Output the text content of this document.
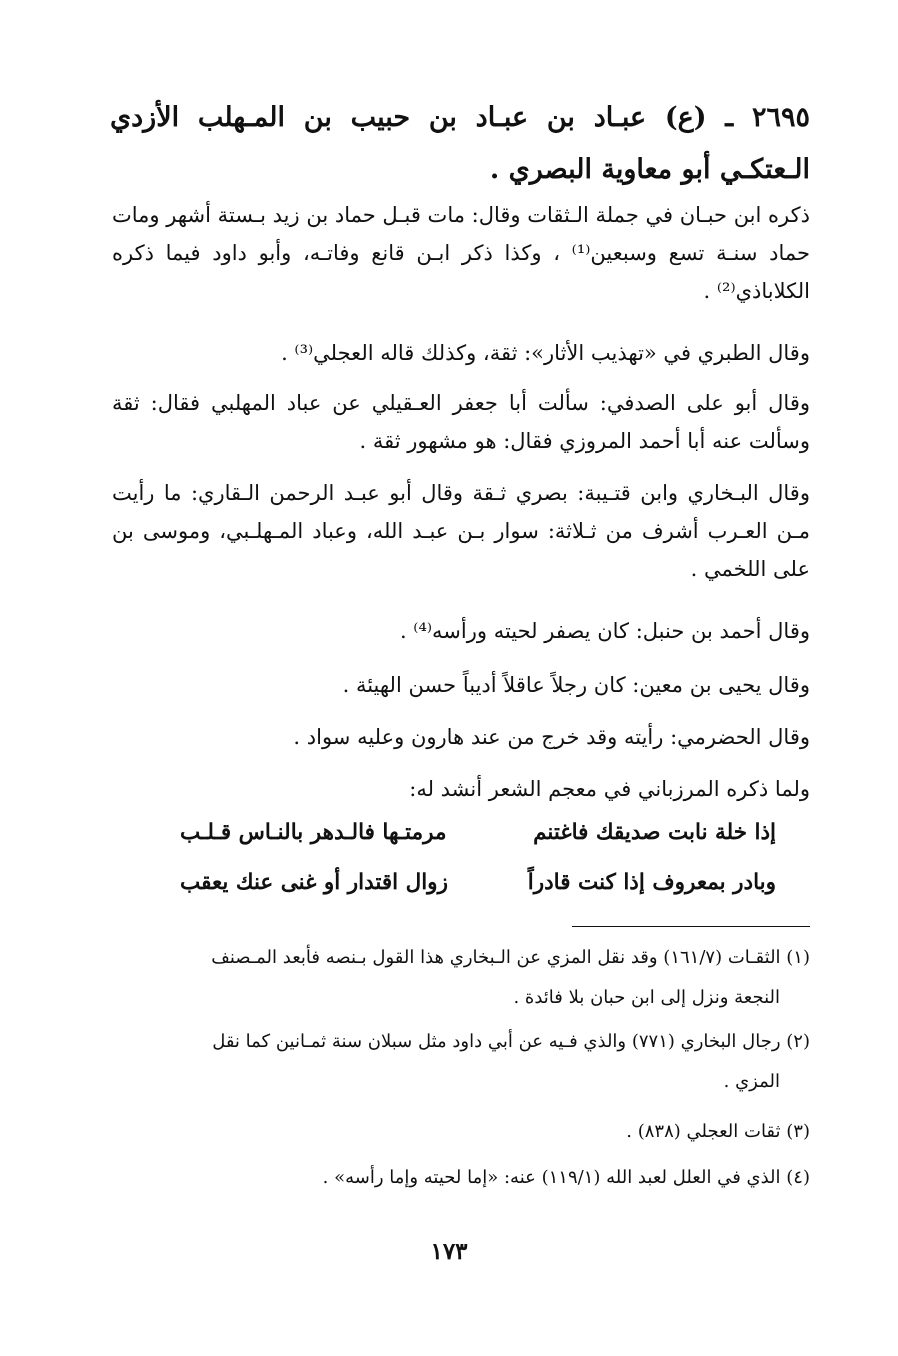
٢٦٩٥ ـ (ع) عبـاد بن عبـاد بن حبيب بن المـهلب الأزدي الـعتكـي أبو معاوية البصري .
ذكره ابن حبـان في جملة الـثقات وقال: مات قبـل حماد بن زيد بـستة أشهر ومات حماد سنـة تسع وسبعين⁽¹⁾ ، وكذا ذكر ابـن قانع وفاتـه، وأبو داود فيما ذكره الكلاباذي⁽²⁾ .
وقال الطبري في «تهذيب الأثار»: ثقة، وكذلك قاله العجلي⁽³⁾ .
وقال أبو على الصدفي: سألت أبا جعفر العـقيلي عن عباد المهلبي فقال: ثقة وسألت عنه أبا أحمد المروزي فقال: هو مشهور ثقة .
وقال البـخاري وابن قتـيبة: بصري ثـقة وقال أبو عبـد الرحمن الـقاري: ما رأيت مـن العـرب أشرف من ثـلاثة: سوار بـن عبـد الله، وعباد المـهلـبي، وموسى بن على اللخمي .
وقال أحمد بن حنبل: كان يصفر لحيته ورأسه⁽⁴⁾ .
وقال يحيى بن معين: كان رجلاً عاقلاً أديباً حسن الهيئة .
وقال الحضرمي: رأيته وقد خرج من عند هارون وعليه سواد .
ولما ذكره المرزباني في معجم الشعر أنشد له:
إذا خلة نابت صديقك فاغتنم
مرمتـها فالـدهر بالنـاس قـلـب
وبادر بمعروف إذا كنت قادراً
زوال اقتدار أو غنى عنك يعقب
(١) الثقـات (١٦١/٧) وقد نقل المزي عن الـبخاري هذا القول بـنصه فأبعد المـصنف
النجعة ونزل إلى ابن حبان بلا فائدة .
(٢) رجال البخاري (٧٧١) والذي فـيه عن أبي داود مثل سبلان سنة ثمـانين كما نقل
المزي .
(٣) ثقات العجلي (٨٣٨) .
(٤) الذي في العلل لعبد الله (١١٩/١) عنه: «إما لحيته وإما رأسه» .
١٧٣
